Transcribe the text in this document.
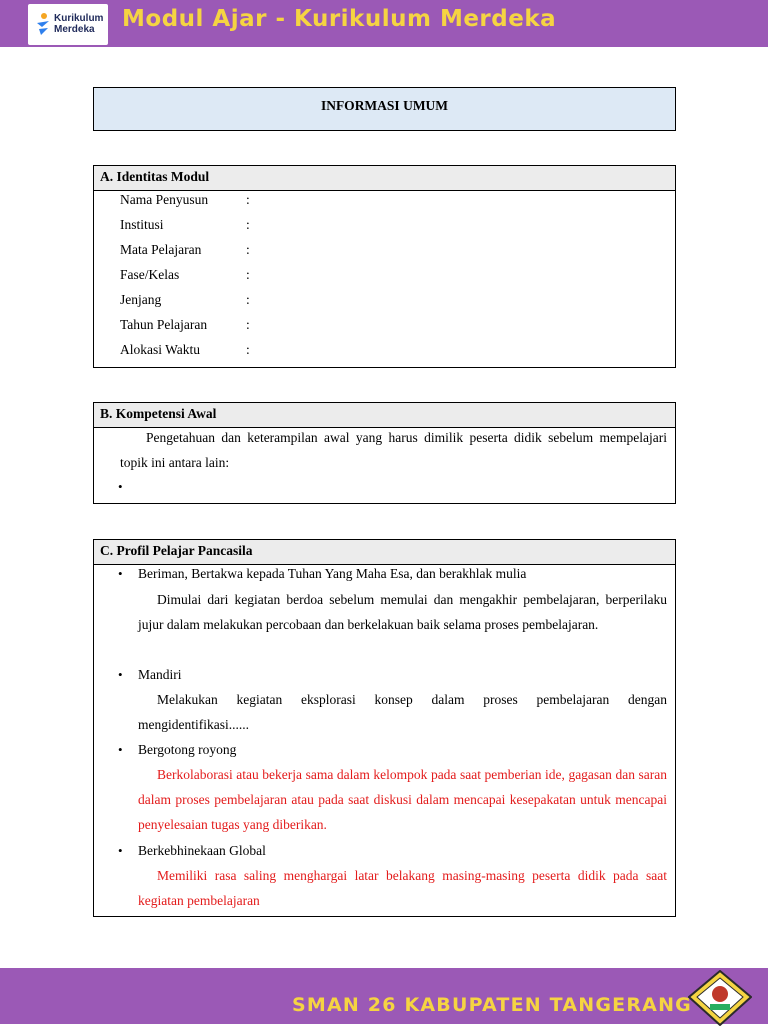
Kurikulum
Merdeka Modul Ajar - Kurikulum Merdeka
INFORMASI UMUM
A. Identitas Modul
Nama Penyusun	:
Institusi	:
Mata Pelajaran	:
Fase/Kelas	:
Jenjang	:
Tahun Pelajaran	:
Alokasi Waktu	:
B. Kompetensi Awal
Pengetahuan dan keterampilan awal yang harus dimilik peserta didik sebelum mempelajari topik ini antara lain:
•
C. Profil Pelajar Pancasila
• Beriman, Bertakwa kepada Tuhan Yang Maha Esa, dan berakhlak mulia
Dimulai dari kegiatan berdoa sebelum memulai dan mengakhir pembelajaran, berperilaku jujur dalam melakukan percobaan dan berkelakuan baik selama proses pembelajaran.
• Mandiri
Melakukan kegiatan eksplorasi konsep dalam proses pembelajaran dengan mengidentifikasi......
• Bergotong royong
Berkolaborasi atau bekerja sama dalam kelompok pada saat pemberian ide, gagasan dan saran dalam proses pembelajaran atau pada saat diskusi dalam mencapai kesepakatan untuk mencapai penyelesaian tugas yang diberikan.
• Berkebhinekaan Global
Memiliki rasa saling menghargai latar belakang masing-masing peserta didik pada saat kegiatan pembelajaran
SMAN 26 KABUPATEN TANGERANG
